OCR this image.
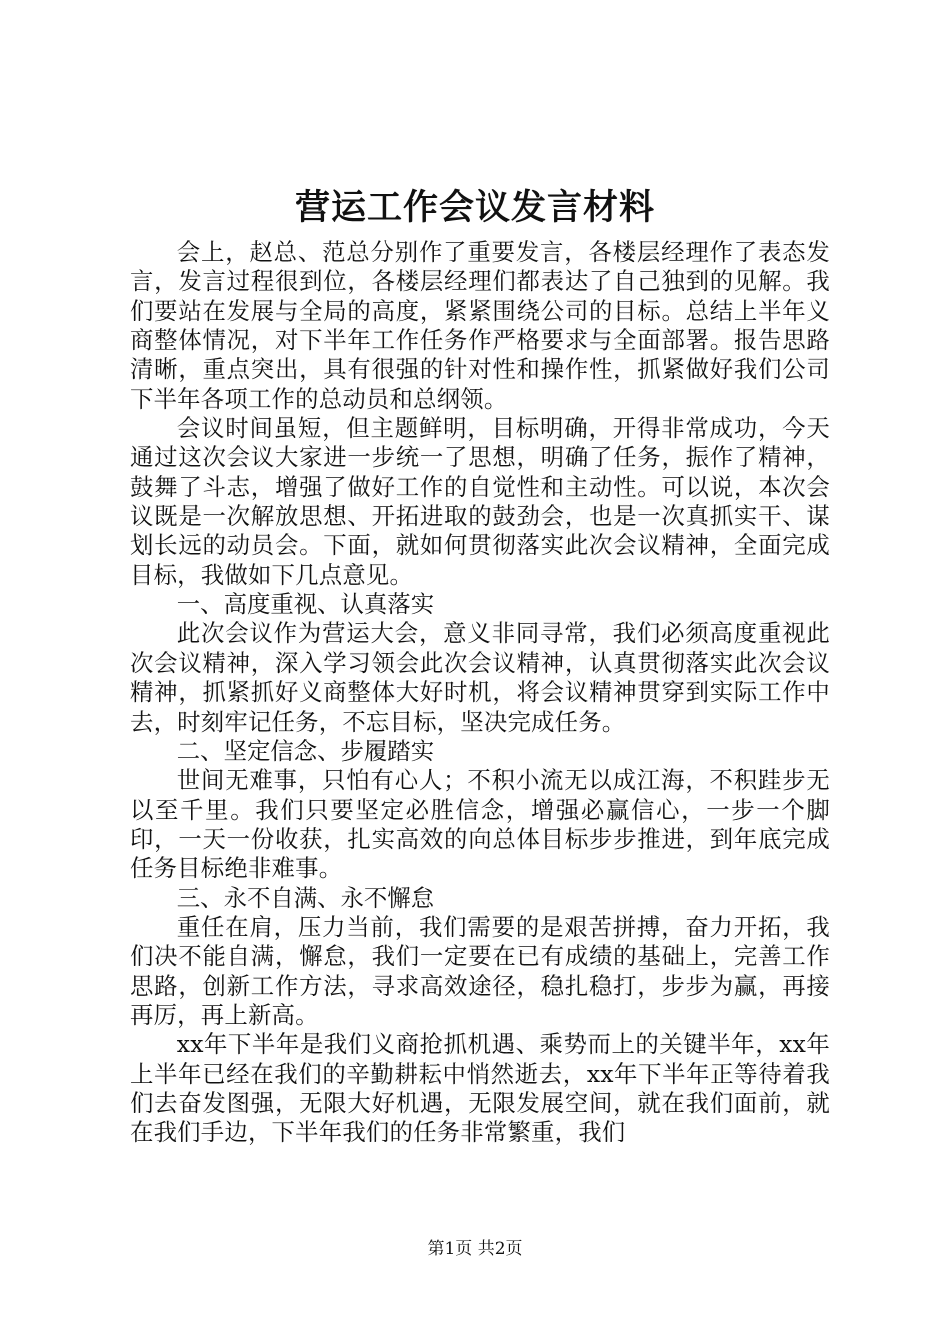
营运工作会议发言材料

会上，赵总、范总分别作了重要发言，各楼层经理作了表态发言，发言过程很到位，各楼层经理们都表达了自己独到的见解。我们要站在发展与全局的高度，紧紧围绕公司的目标。总结上半年义商整体情况，对下半年工作任务作严格要求与全面部署。报告思路清晰，重点突出，具有很强的针对性和操作性，抓紧做好我们公司下半年各项工作的总动员和总纲领。

会议时间虽短，但主题鲜明，目标明确，开得非常成功，今天通过这次会议大家进一步统一了思想，明确了任务，振作了精神，鼓舞了斗志，增强了做好工作的自觉性和主动性。可以说，本次会议既是一次解放思想、开拓进取的鼓劲会，也是一次真抓实干、谋划长远的动员会。下面，就如何贯彻落实此次会议精神，全面完成目标，我做如下几点意见。

一、高度重视、认真落实

此次会议作为营运大会，意义非同寻常，我们必须高度重视此次会议精神，深入学习领会此次会议精神，认真贯彻落实此次会议精神，抓紧抓好义商整体大好时机，将会议精神贯穿到实际工作中去，时刻牢记任务，不忘目标，坚决完成任务。

二、坚定信念、步履踏实

世间无难事，只怕有心人；不积小流无以成江海，不积跬步无以至千里。我们只要坚定必胜信念，增强必赢信心，一步一个脚印，一天一份收获，扎实高效的向总体目标步步推进，到年底完成任务目标绝非难事。

三、永不自满、永不懈怠

重任在肩，压力当前，我们需要的是艰苦拼搏，奋力开拓，我们决不能自满，懈怠，我们一定要在已有成绩的基础上，完善工作思路，创新工作方法，寻求高效途径，稳扎稳打，步步为赢，再接再厉，再上新高。

xx年下半年是我们义商抢抓机遇、乘势而上的关键半年，xx年上半年已经在我们的辛勤耕耘中悄然逝去，xx年下半年正等待着我们去奋发图强，无限大好机遇，无限发展空间，就在我们面前，就在我们手边，下半年我们的任务非常繁重，我们

第1页 共2页
